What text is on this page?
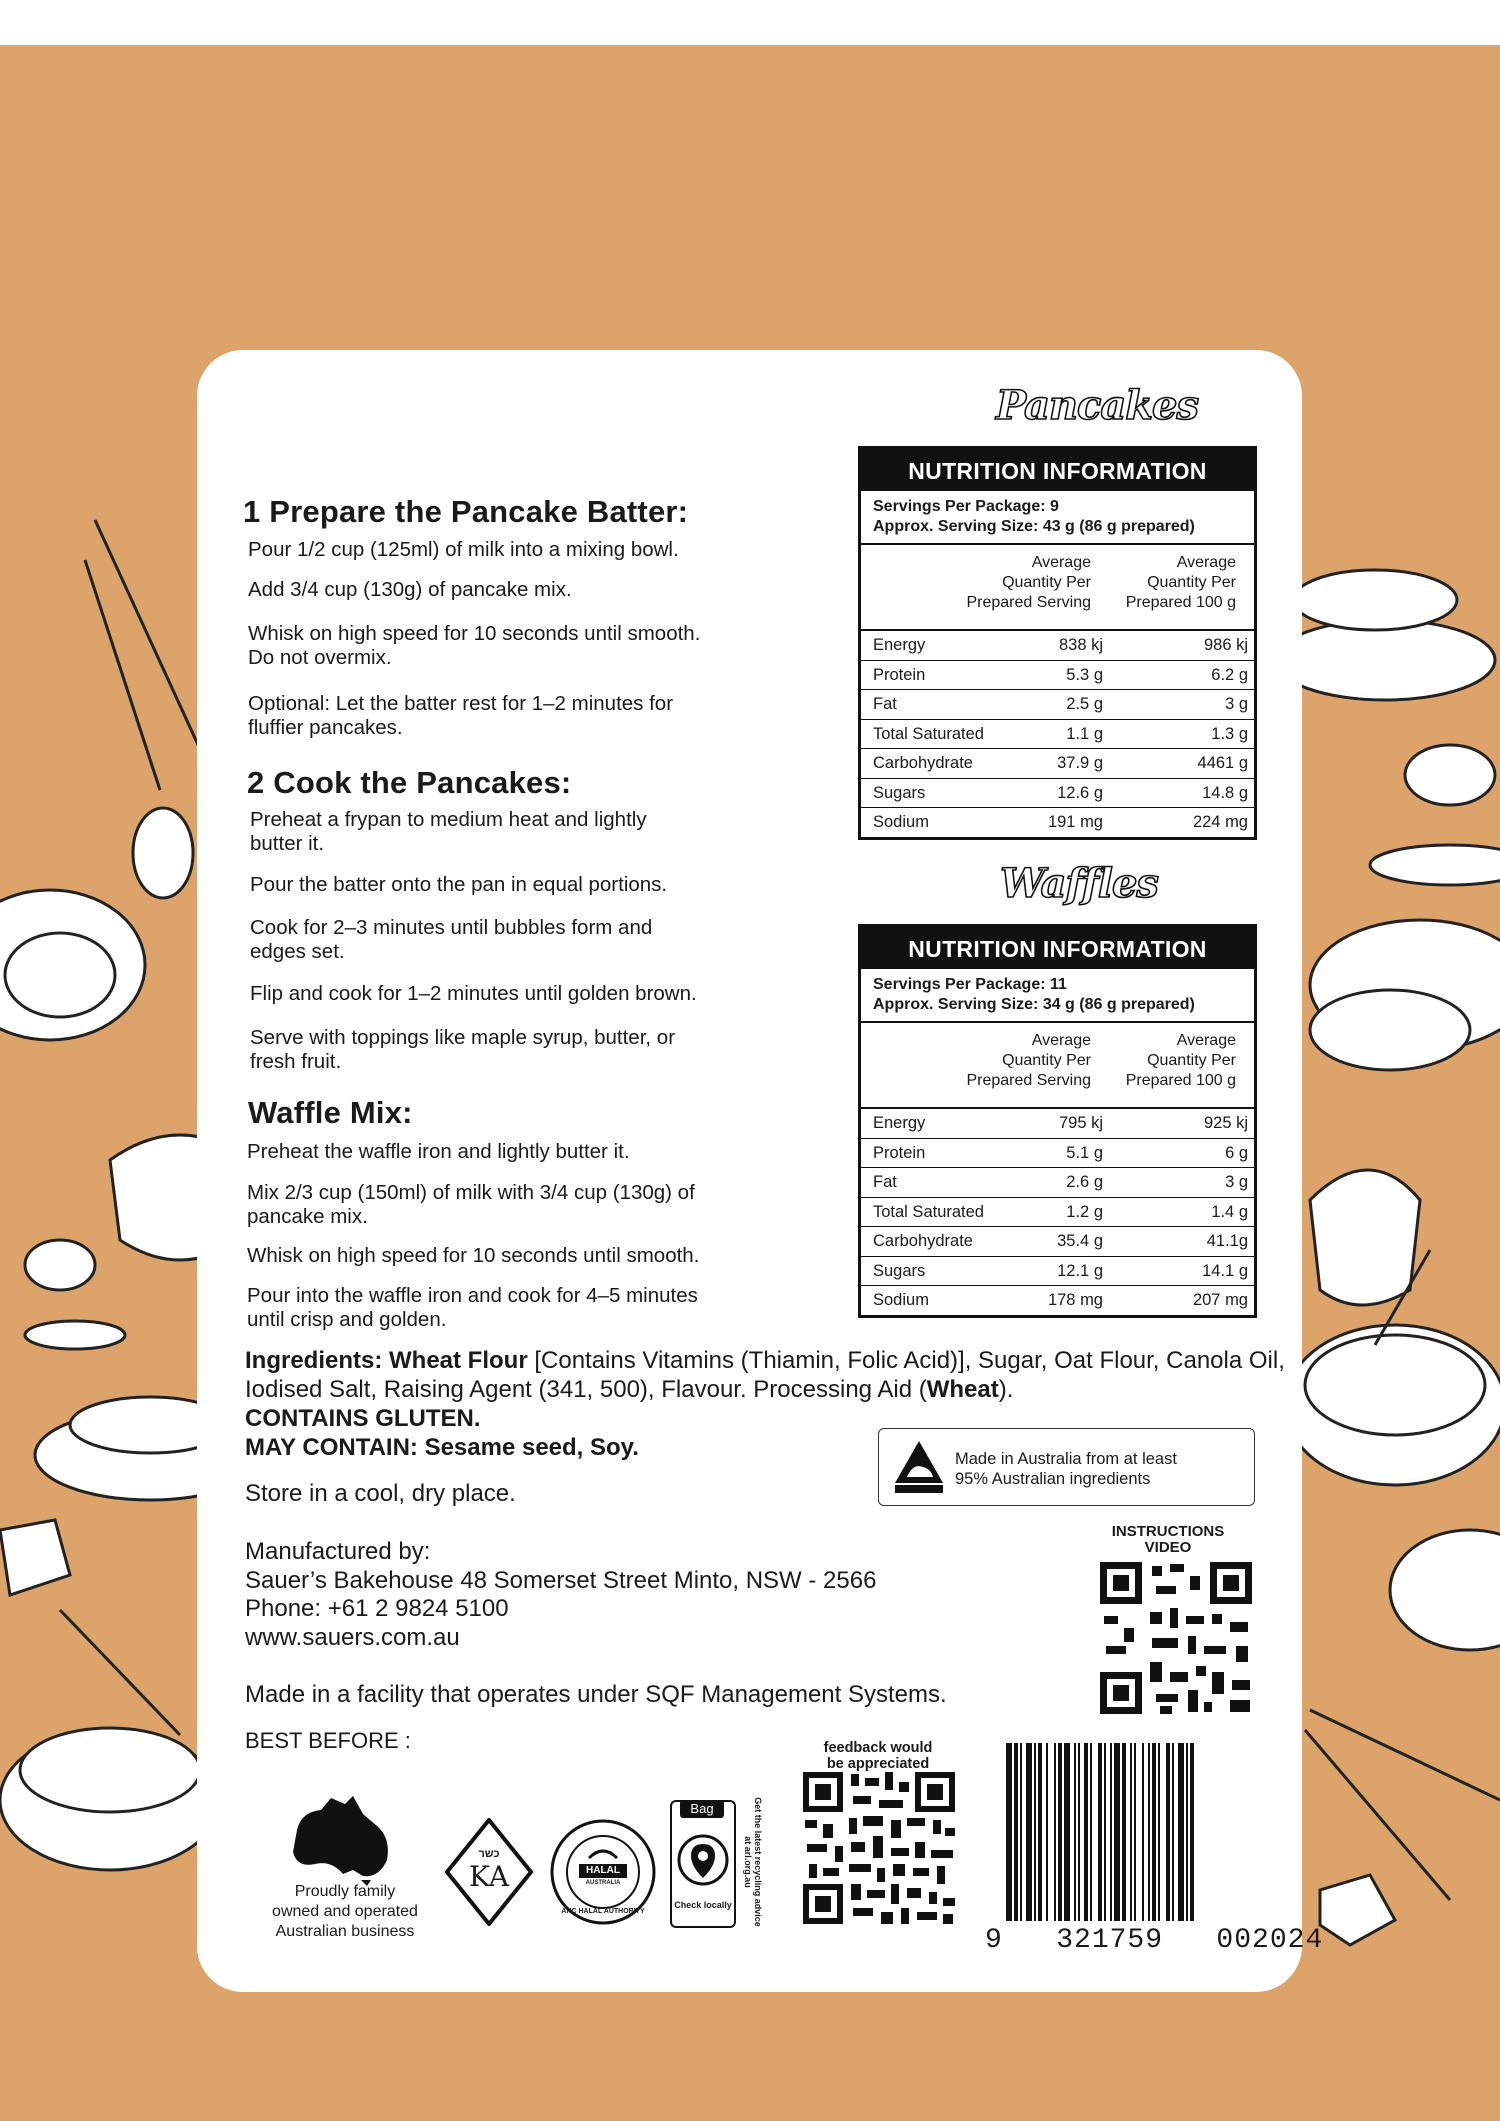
1 Prepare the Pancake Batter:
Pour 1/2 cup (125ml) of milk into a mixing bowl.
Add 3/4 cup (130g) of pancake mix.
Whisk on high speed for 10 seconds until smooth.
Do not overmix.
Optional: Let the batter rest for 1–2 minutes for
fluffier pancakes.
2 Cook the Pancakes:
Preheat a frypan to medium heat and lightly
butter it.
Pour the batter onto the pan in equal portions.
Cook for 2–3 minutes until bubbles form and
edges set.
Flip and cook for 1–2 minutes until golden brown.
Serve with toppings like maple syrup, butter, or
fresh fruit.
Waffle Mix:
Preheat the waffle iron and lightly butter it.
Mix 2/3 cup (150ml) of milk with 3/4 cup (130g) of
pancake mix.
Whisk on high speed for 10 seconds until smooth.
Pour into the waffle iron and cook for 4–5 minutes
until crisp and golden.
Pancakes
NUTRITION INFORMATION
Servings Per Package: 9
Approx. Serving Size: 43 g (86 g prepared)
Average
Quantity Per
Prepared Serving
Average
Quantity Per
Prepared 100 g
Energy	838 kj	986 kj
Protein	5.3 g	6.2 g
Fat	2.5 g	3 g
Total Saturated	1.1 g	1.3 g
Carbohydrate	37.9 g	4461 g
Sugars	12.6 g	14.8 g
Sodium	191 mg	224 mg
Waffles
NUTRITION INFORMATION
Servings Per Package: 11
Approx. Serving Size: 34 g (86 g prepared)
Average
Quantity Per
Prepared Serving
Average
Quantity Per
Prepared 100 g
Energy	795 kj	925 kj
Protein	5.1 g	6 g
Fat	2.6 g	3 g
Total Saturated	1.2 g	1.4 g
Carbohydrate	35.4 g	41.1g
Sugars	12.1 g	14.1 g
Sodium	178 mg	207 mg
Ingredients: Wheat Flour [Contains Vitamins (Thiamin, Folic Acid)], Sugar, Oat Flour, Canola Oil, Iodised Salt, Raising Agent (341, 500), Flavour. Processing Aid (Wheat).
CONTAINS GLUTEN.
MAY CONTAIN: Sesame seed, Soy.
Store in a cool, dry place.
Manufactured by:
Sauer’s Bakehouse 48 Somerset Street Minto, NSW - 2566
Phone: +61 2 9824 5100
www.sauers.com.au
Made in a facility that operates under SQF Management Systems.
BEST BEFORE :
Made in Australia from at least
95% Australian ingredients
INSTRUCTIONS
VIDEO
feedback would
be appreciated
9   321759   002024
Proudly family
owned and operated
Australian business
כשר
KA	HALAL
AUSTRALIA
ANC HALAL AUTHORITY
Bag
Check locally	Get the latest recycling advice at arl.org.au
